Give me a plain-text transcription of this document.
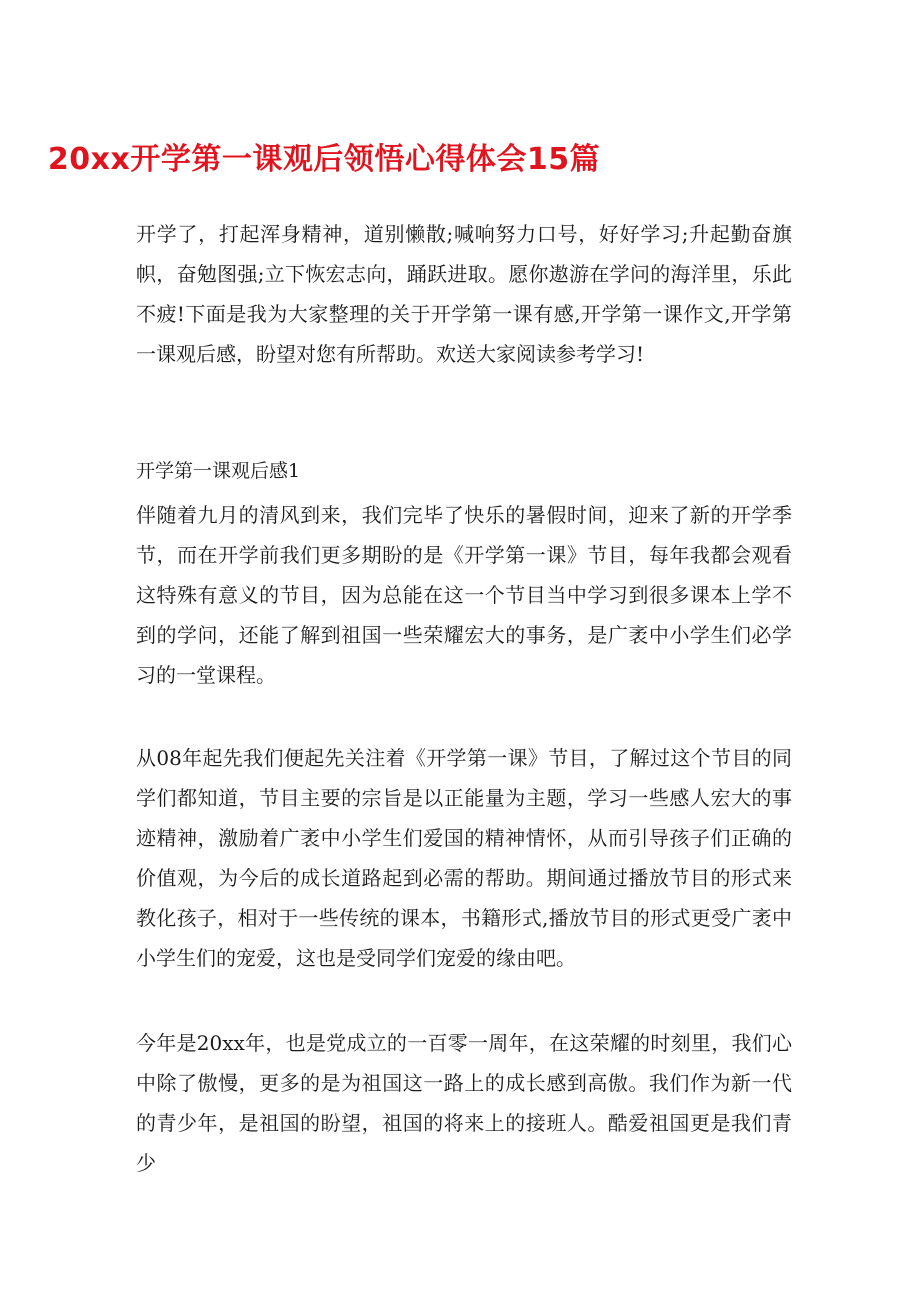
20xx开学第一课观后领悟心得体会15篇

开学了，打起浑身精神，道别懒散;喊响努力口号，好好学习;升起勤奋旗帜，奋勉图强;立下恢宏志向，踊跃进取。愿你遨游在学问的海洋里，乐此不疲!下面是我为大家整理的关于开学第一课有感,开学第一课作文,开学第一课观后感，盼望对您有所帮助。欢送大家阅读参考学习!

开学第一课观后感1

伴随着九月的清风到来，我们完毕了快乐的暑假时间，迎来了新的开学季节，而在开学前我们更多期盼的是《开学第一课》节目，每年我都会观看这特殊有意义的节目，因为总能在这一个节目当中学习到很多课本上学不到的学问，还能了解到祖国一些荣耀宏大的事务，是广袤中小学生们必学习的一堂课程。

从08年起先我们便起先关注着《开学第一课》节目，了解过这个节目的同学们都知道，节目主要的宗旨是以正能量为主题，学习一些感人宏大的事迹精神，激励着广袤中小学生们爱国的精神情怀，从而引导孩子们正确的价值观，为今后的成长道路起到必需的帮助。期间通过播放节目的形式来教化孩子，相对于一些传统的课本，书籍形式,播放节目的形式更受广袤中小学生们的宠爱，这也是受同学们宠爱的缘由吧。

今年是20xx年，也是党成立的一百零一周年，在这荣耀的时刻里，我们心中除了傲慢，更多的是为祖国这一路上的成长感到高傲。我们作为新一代的青少年，是祖国的盼望，祖国的将来上的接班人。酷爱祖国更是我们青少
